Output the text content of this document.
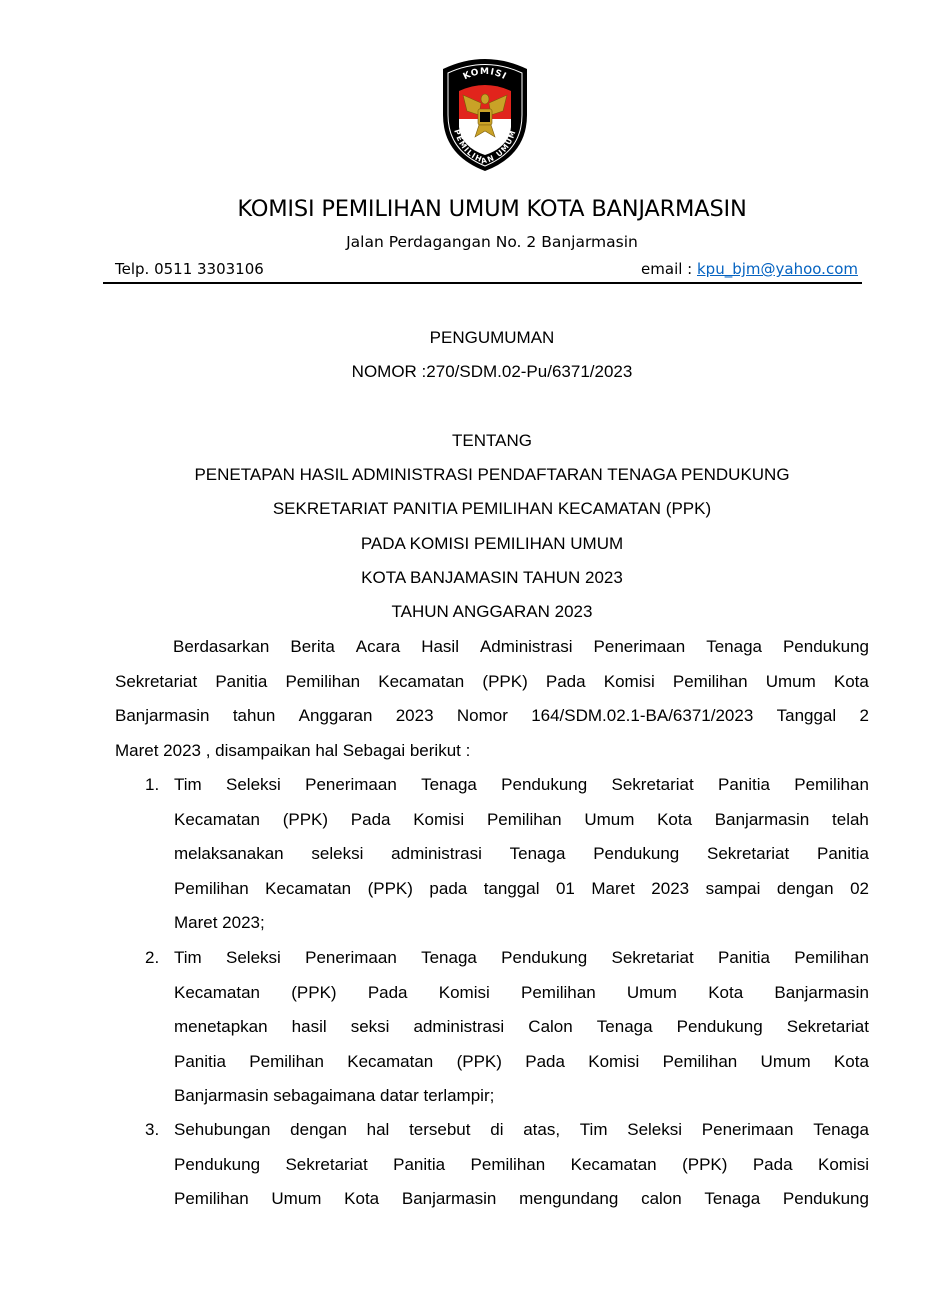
KOMISI
PEMILIHAN UMUM
KOMISI PEMILIHAN UMUM KOTA BANJARMASIN
Jalan Perdagangan No. 2 Banjarmasin
Telp. 0511 3303106	email : kpu_bjm@yahoo.com
PENGUMUMAN
NOMOR :270/SDM.02-Pu/6371/2023
TENTANG
PENETAPAN HASIL ADMINISTRASI PENDAFTARAN TENAGA PENDUKUNG
SEKRETARIAT PANITIA PEMILIHAN KECAMATAN (PPK)
PADA KOMISI PEMILIHAN UMUM
KOTA BANJAMASIN TAHUN 2023
TAHUN ANGGARAN 2023
Berdasarkan Berita Acara Hasil Administrasi Penerimaan Tenaga Pendukung
Sekretariat Panitia Pemilihan Kecamatan (PPK) Pada Komisi Pemilihan Umum Kota
Banjarmasin tahun Anggaran 2023 Nomor 164/SDM.02.1-BA/6371/2023 Tanggal 2
Maret 2023 , disampaikan hal Sebagai berikut :
1. Tim Seleksi Penerimaan Tenaga Pendukung Sekretariat Panitia Pemilihan
Kecamatan (PPK) Pada Komisi Pemilihan Umum Kota Banjarmasin telah
melaksanakan seleksi administrasi Tenaga Pendukung Sekretariat Panitia
Pemilihan Kecamatan (PPK) pada tanggal 01 Maret 2023 sampai dengan 02
Maret 2023;
2. Tim Seleksi Penerimaan Tenaga Pendukung Sekretariat Panitia Pemilihan
Kecamatan (PPK) Pada Komisi Pemilihan Umum Kota Banjarmasin
menetapkan hasil seksi administrasi Calon Tenaga Pendukung Sekretariat
Panitia Pemilihan Kecamatan (PPK) Pada Komisi Pemilihan Umum Kota
Banjarmasin sebagaimana datar terlampir;
3. Sehubungan dengan hal tersebut di atas, Tim Seleksi Penerimaan Tenaga
Pendukung Sekretariat Panitia Pemilihan Kecamatan (PPK) Pada Komisi
Pemilihan Umum Kota Banjarmasin mengundang calon Tenaga Pendukung
